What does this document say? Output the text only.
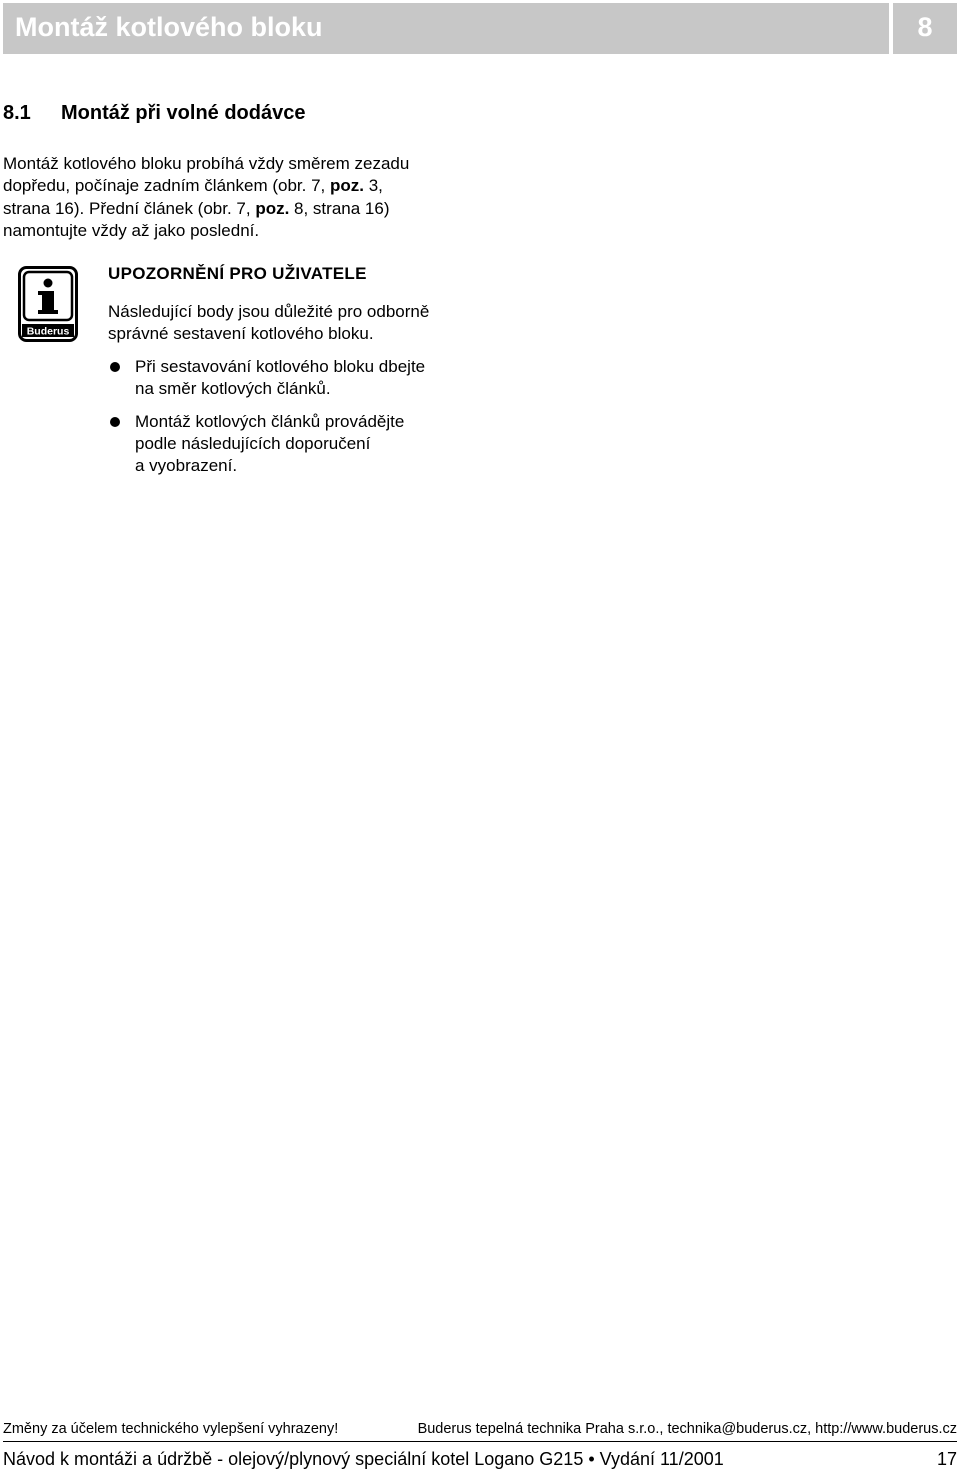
Montáž kotlového bloku	8
8.1 Montáž při volné dodávce

Montáž kotlového bloku probíhá vždy směrem zezadu

dopředu, počínaje zadním článkem (obr. 7, poz. 3,

strana 16). Přední článek (obr. 7, poz. 8, strana 16)

namontujte vždy až jako poslední.

Buderus
UPOZORNĚNÍ PRO UŽIVATELE

Následující body jsou důležité pro odborně

správné sestavení kotlového bloku.

Při sestavování kotlového bloku dbejte
na směr kotlových článků.
Montáž kotlových článků provádějte
podle následujících doporučení
a vyobrazení.
Změny za účelem technického vylepšení vyhrazeny!	Buderus tepelná technika Praha s.r.o., technika@buderus.cz, http://www.buderus.cz
Návod k montáži a údržbě - olejový/plynový speciální kotel Logano G215 • Vydání 11/2001	17
